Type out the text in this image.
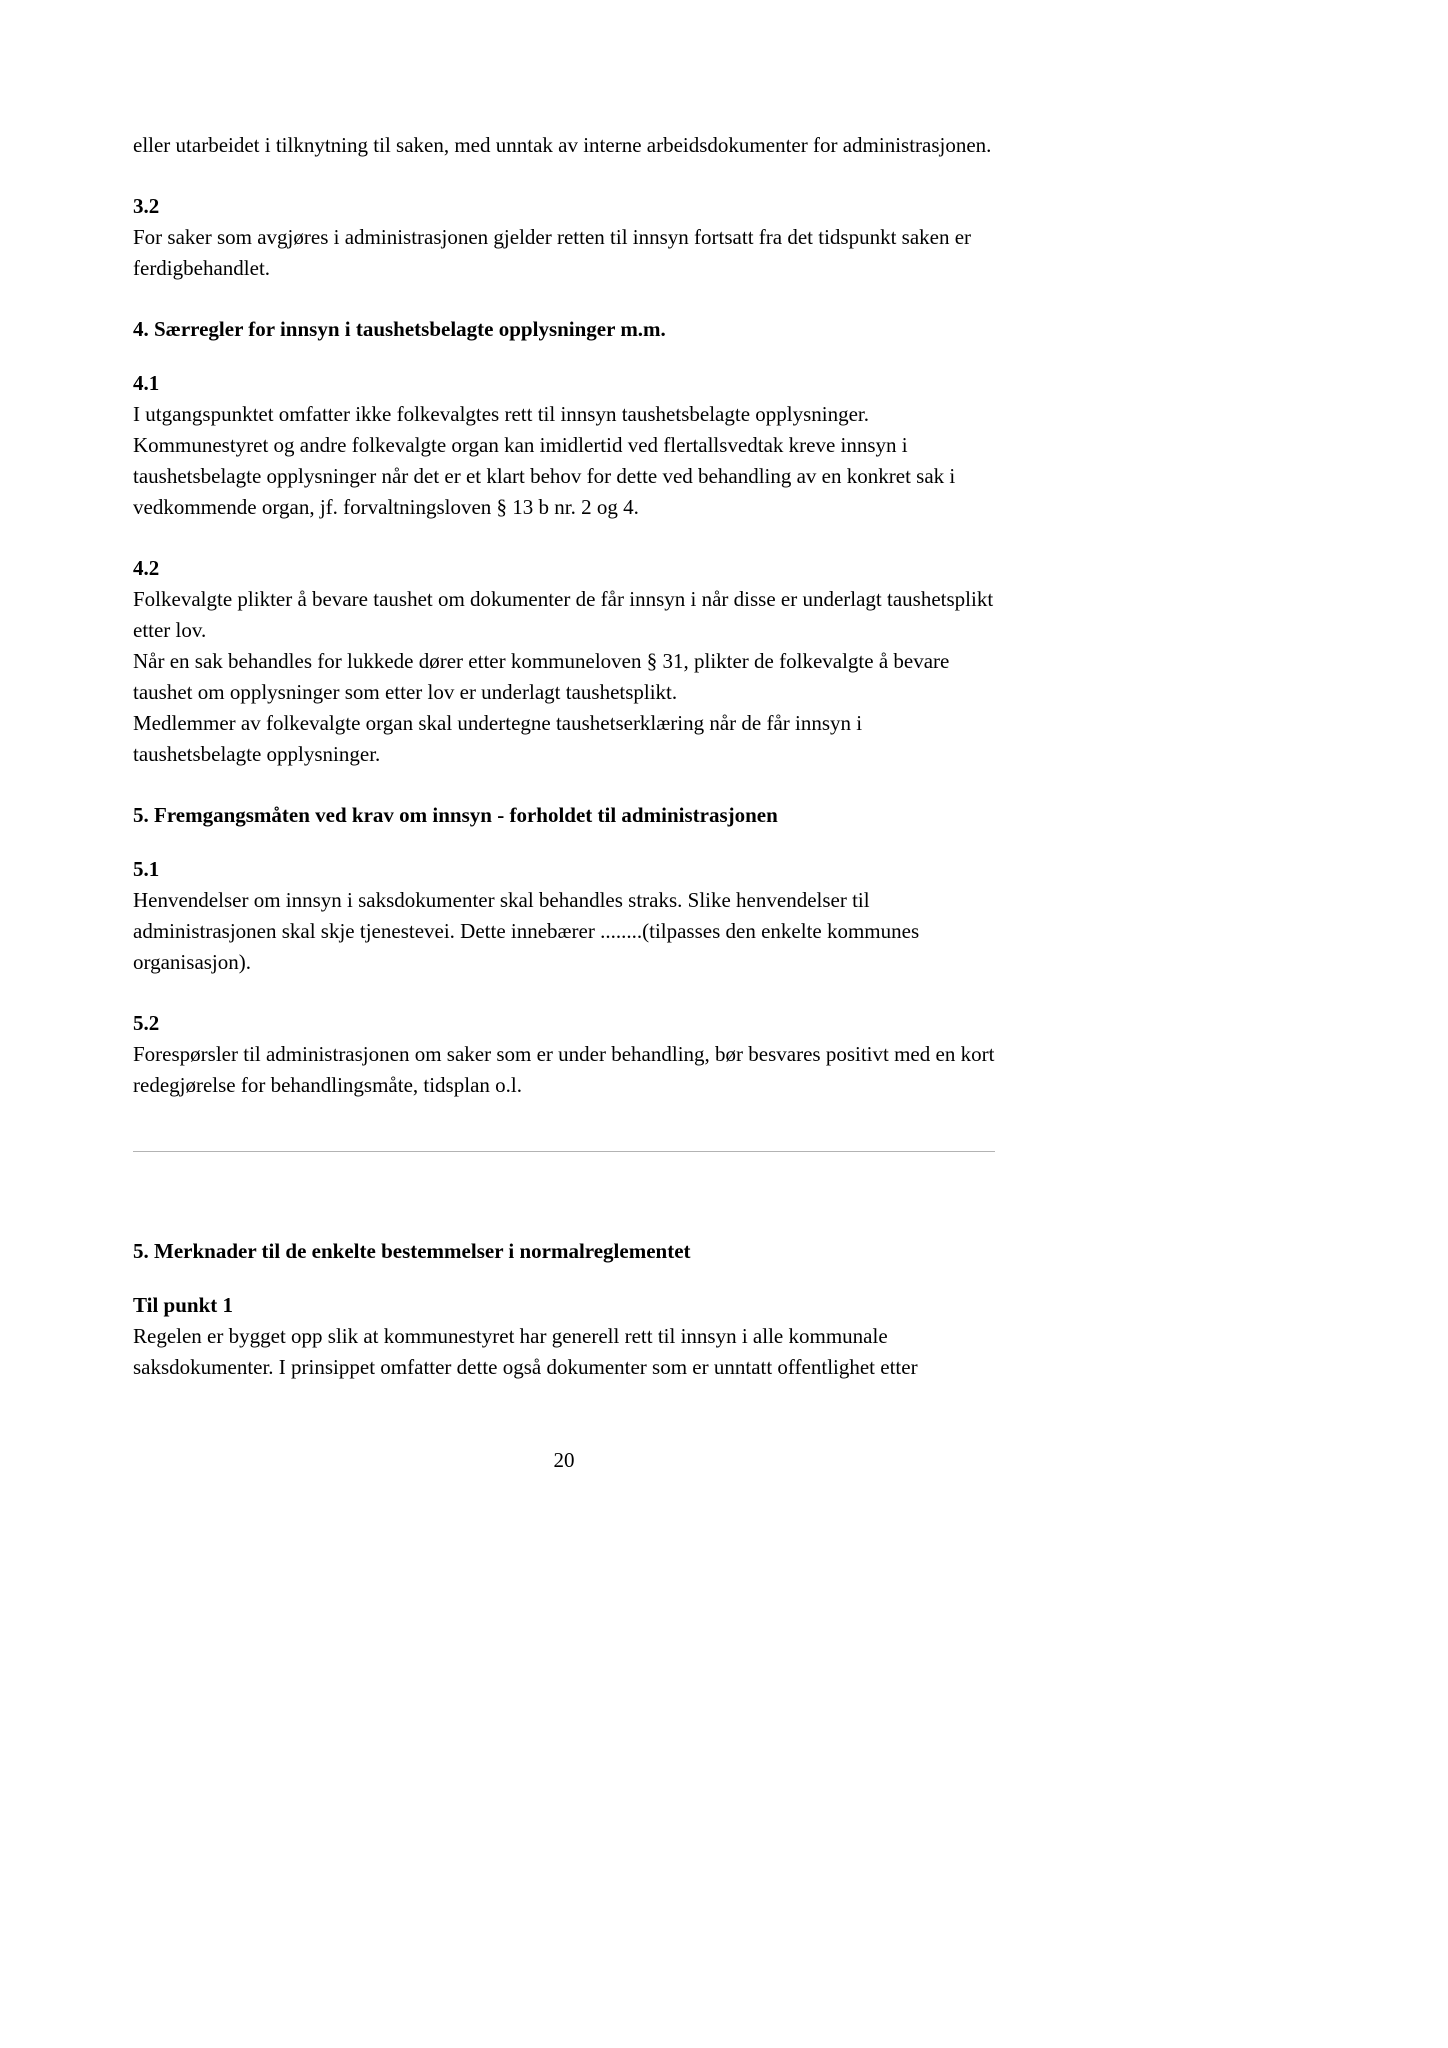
eller utarbeidet i tilknytning til saken, med unntak av interne arbeidsdokumenter for administrasjonen.

3.2

For saker som avgjøres i administrasjonen gjelder retten til innsyn fortsatt fra det tidspunkt saken er ferdigbehandlet.

4. Særregler for innsyn i taushetsbelagte opplysninger m.m.

4.1

I utgangspunktet omfatter ikke folkevalgtes rett til innsyn taushetsbelagte opplysninger. Kommunestyret og andre folkevalgte organ kan imidlertid ved flertallsvedtak kreve innsyn i taushetsbelagte opplysninger når det er et klart behov for dette ved behandling av en konkret sak i vedkommende organ, jf. forvaltningsloven § 13 b nr. 2 og 4.

4.2

Folkevalgte plikter å bevare taushet om dokumenter de får innsyn i når disse er underlagt taushetsplikt etter lov.

Når en sak behandles for lukkede dører etter kommuneloven § 31, plikter de folkevalgte å bevare taushet om opplysninger som etter lov er underlagt taushetsplikt.

Medlemmer av folkevalgte organ skal undertegne taushetserklæring når de får innsyn i taushetsbelagte opplysninger.

5. Fremgangsmåten ved krav om innsyn - forholdet til administrasjonen

5.1

Henvendelser om innsyn i saksdokumenter skal behandles straks. Slike henvendelser til administrasjonen skal skje tjenestevei. Dette innebærer ........(tilpasses den enkelte kommunes organisasjon).

5.2

Forespørsler til administrasjonen om saker som er under behandling, bør besvares positivt med en kort redegjørelse for behandlingsmåte, tidsplan o.l.

5. Merknader til de enkelte bestemmelser i normalreglementet

Til punkt 1

Regelen er bygget opp slik at kommunestyret har generell rett til innsyn i alle kommunale saksdokumenter. I prinsippet omfatter dette også dokumenter som er unntatt offentlighet etter

20
